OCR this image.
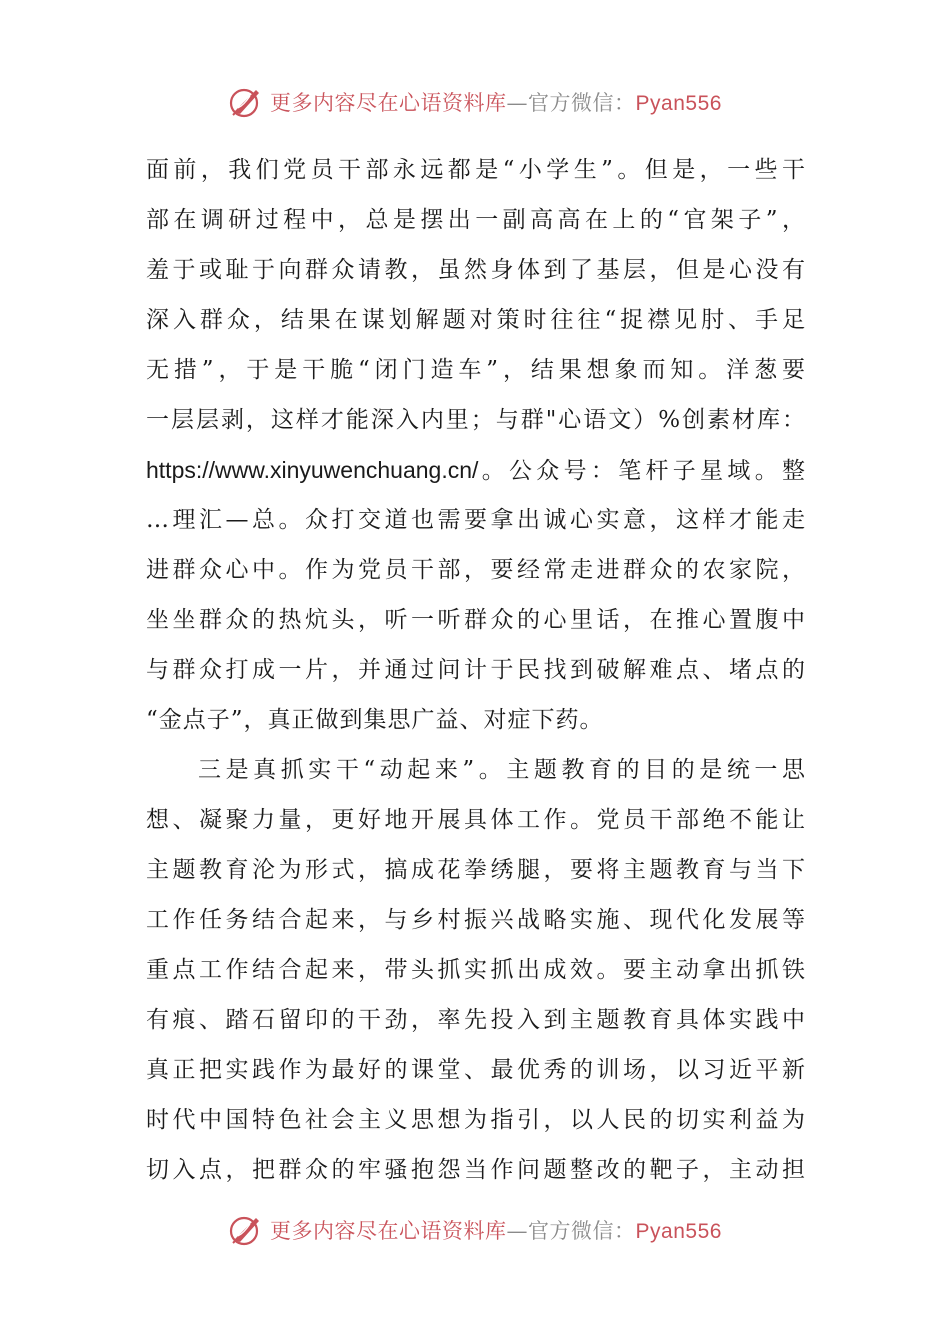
更多内容尽在心语资料库—官方微信：Pyan556
面前，我们党员干部永远都是“小学生”。但是，一些干
部在调研过程中，总是摆出一副高高在上的“官架子”，
羞于或耻于向群众请教，虽然身体到了基层，但是心没有
深入群众，结果在谋划解题对策时往往“捉襟见肘、手足
无措”，于是干脆“闭门造车”，结果想象而知。洋葱要
一层层剥，这样才能深入内里；与群"心语文）%创素材库：
https://www.xinyuwenchuang.cn/。公众号：笔杆子星域。整
…理汇—总。众打交道也需要拿出诚心实意，这样才能走
进群众心中。作为党员干部，要经常走进群众的农家院，
坐坐群众的热炕头，听一听群众的心里话，在推心置腹中
与群众打成一片，并通过问计于民找到破解难点、堵点的
“金点子”，真正做到集思广益、对症下药。
三是真抓实干“动起来”。主题教育的目的是统一思
想、凝聚力量，更好地开展具体工作。党员干部绝不能让
主题教育沦为形式，搞成花拳绣腿，要将主题教育与当下
工作任务结合起来，与乡村振兴战略实施、现代化发展等
重点工作结合起来，带头抓实抓出成效。要主动拿出抓铁
有痕、踏石留印的干劲，率先投入到主题教育具体实践中
真正把实践作为最好的课堂、最优秀的训场，以习近平新
时代中国特色社会主义思想为指引，以人民的切实利益为
切入点，把群众的牢骚抱怨当作问题整改的靶子，主动担
更多内容尽在心语资料库—官方微信：Pyan556
